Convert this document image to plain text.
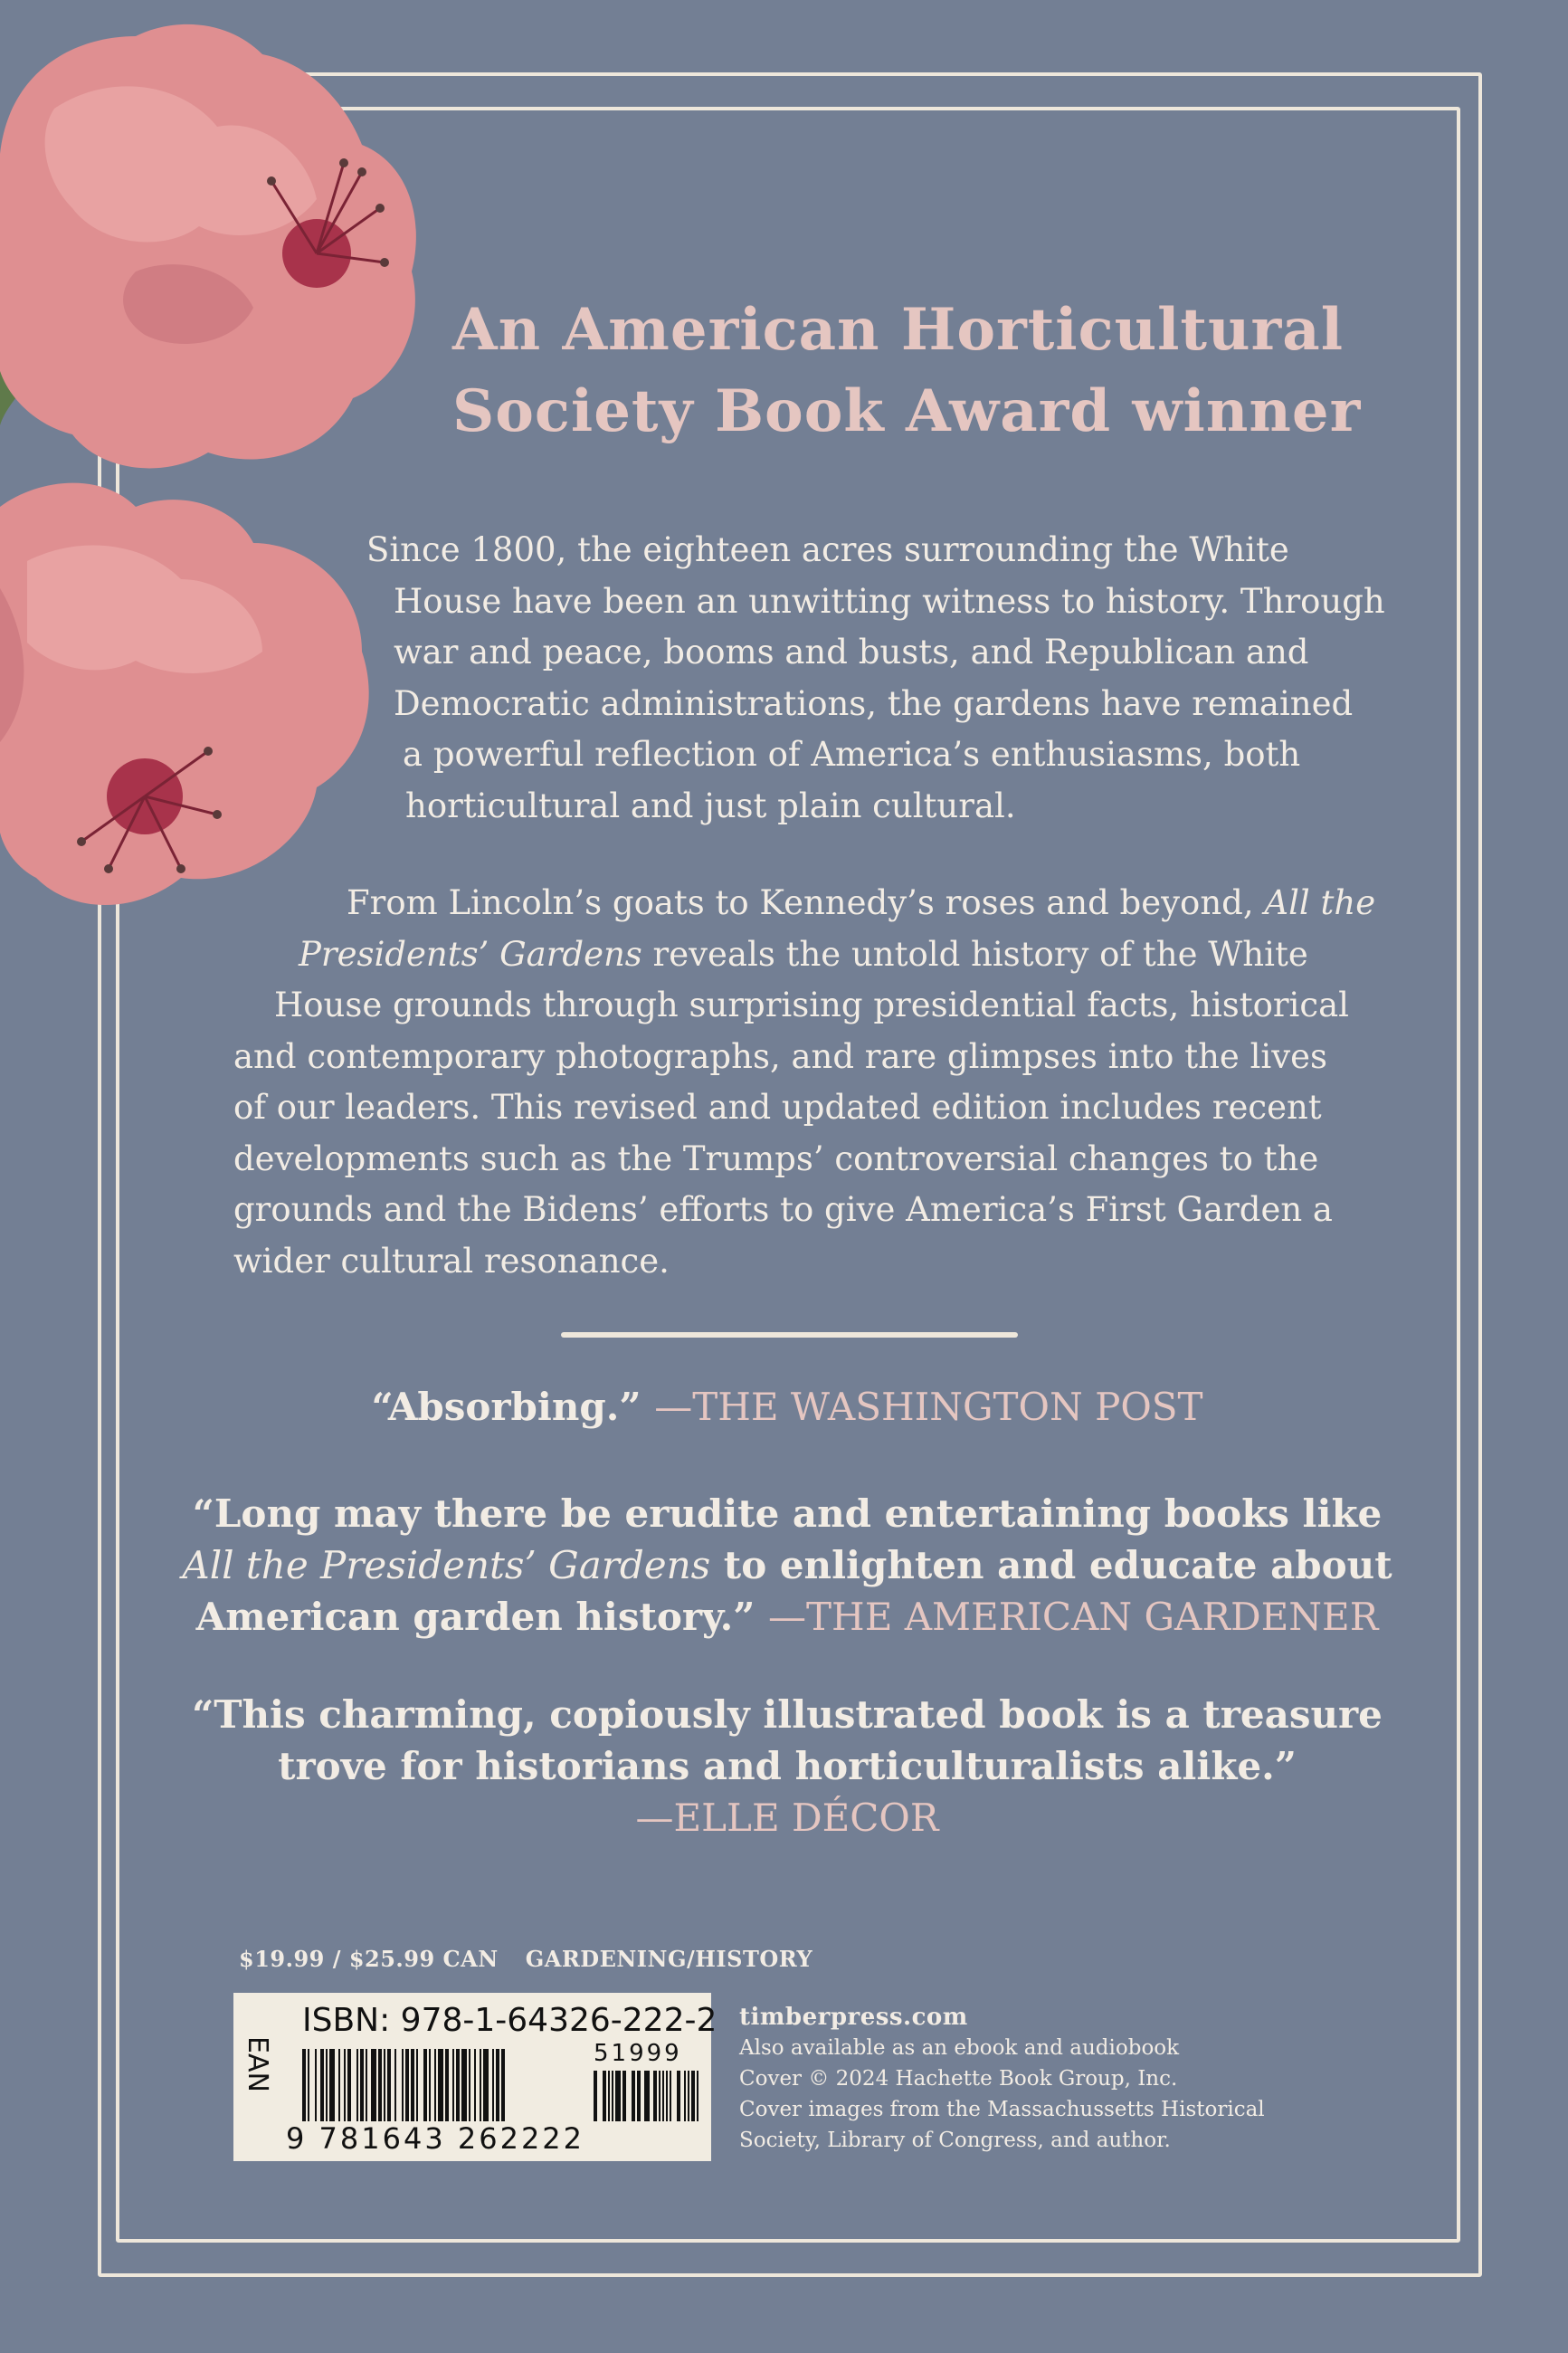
An American Horticultural
Society Book Award winner
Since 1800, the eighteen acres surrounding the White
House have been an unwitting witness to history. Through
war and peace, booms and busts, and Republican and
Democratic administrations, the gardens have remained
a powerful reflection of America’s enthusiasms, both
horticultural and just plain cultural.
From Lincoln’s goats to Kennedy’s roses and beyond, All the
Presidents’ Gardens reveals the untold history of the White
House grounds through surprising presidential facts, historical
and contemporary photographs, and rare glimpses into the lives
of our leaders. This revised and updated edition includes recent
developments such as the Trumps’ controversial changes to the
grounds and the Bidens’ efforts to give America’s First Garden a
wider cultural resonance.
“Absorbing.” —THE WASHINGTON POST
“Long may there be erudite and entertaining books like
All the Presidents’ Gardens to enlighten and educate about
American garden history.” —THE AMERICAN GARDENER
“This charming, copiously illustrated book is a treasure
trove for historians and horticulturalists alike.”
—ELLE DÉCOR
$19.99 / $25.99 CAN GARDENING/HISTORY
ISBN: 978-1-64326-222-2
EAN
9 781643 262222
51999
timberpress.com
Also available as an ebook and audiobook
Cover © 2024 Hachette Book Group, Inc.
Cover images from the Massachussetts Historical
Society, Library of Congress, and author.
